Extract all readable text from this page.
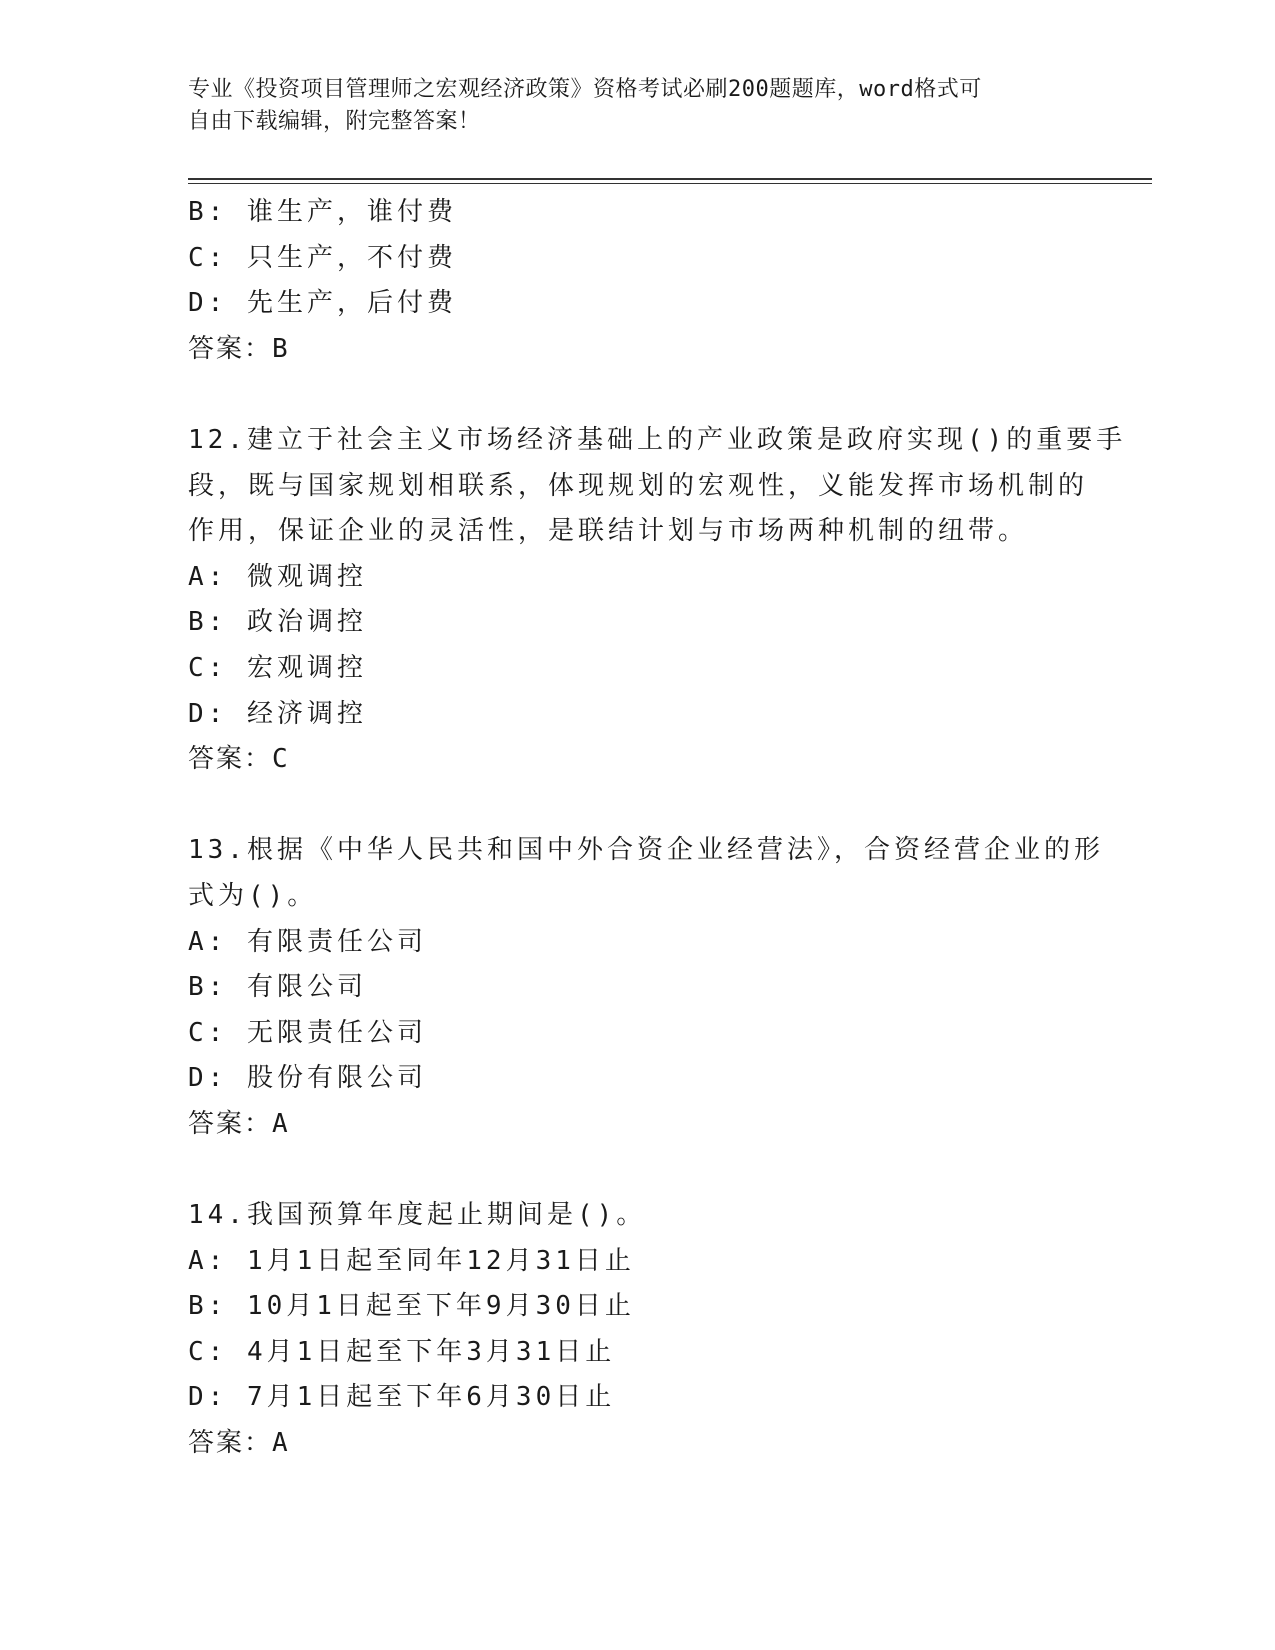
专业《投资项目管理师之宏观经济政策》资格考试必刷200题题库，word格式可
自由下载编辑，附完整答案！
B: 谁生产，谁付费
C: 只生产，不付费
D: 先生产，后付费
答案：B
12.建立于社会主义市场经济基础上的产业政策是政府实现()的重要手
段，既与国家规划相联系，体现规划的宏观性，义能发挥市场机制的
作用，保证企业的灵活性，是联结计划与市场两种机制的纽带。
A: 微观调控
B: 政治调控
C: 宏观调控
D: 经济调控
答案：C
13.根据《中华人民共和国中外合资企业经营法》，合资经营企业的形
式为()。
A: 有限责任公司
B: 有限公司
C: 无限责任公司
D: 股份有限公司
答案：A
14.我国预算年度起止期间是()。
A: 1月1日起至同年12月31日止
B: 10月1日起至下年9月30日止
C: 4月1日起至下年3月31日止
D: 7月1日起至下年6月30日止
答案：A
